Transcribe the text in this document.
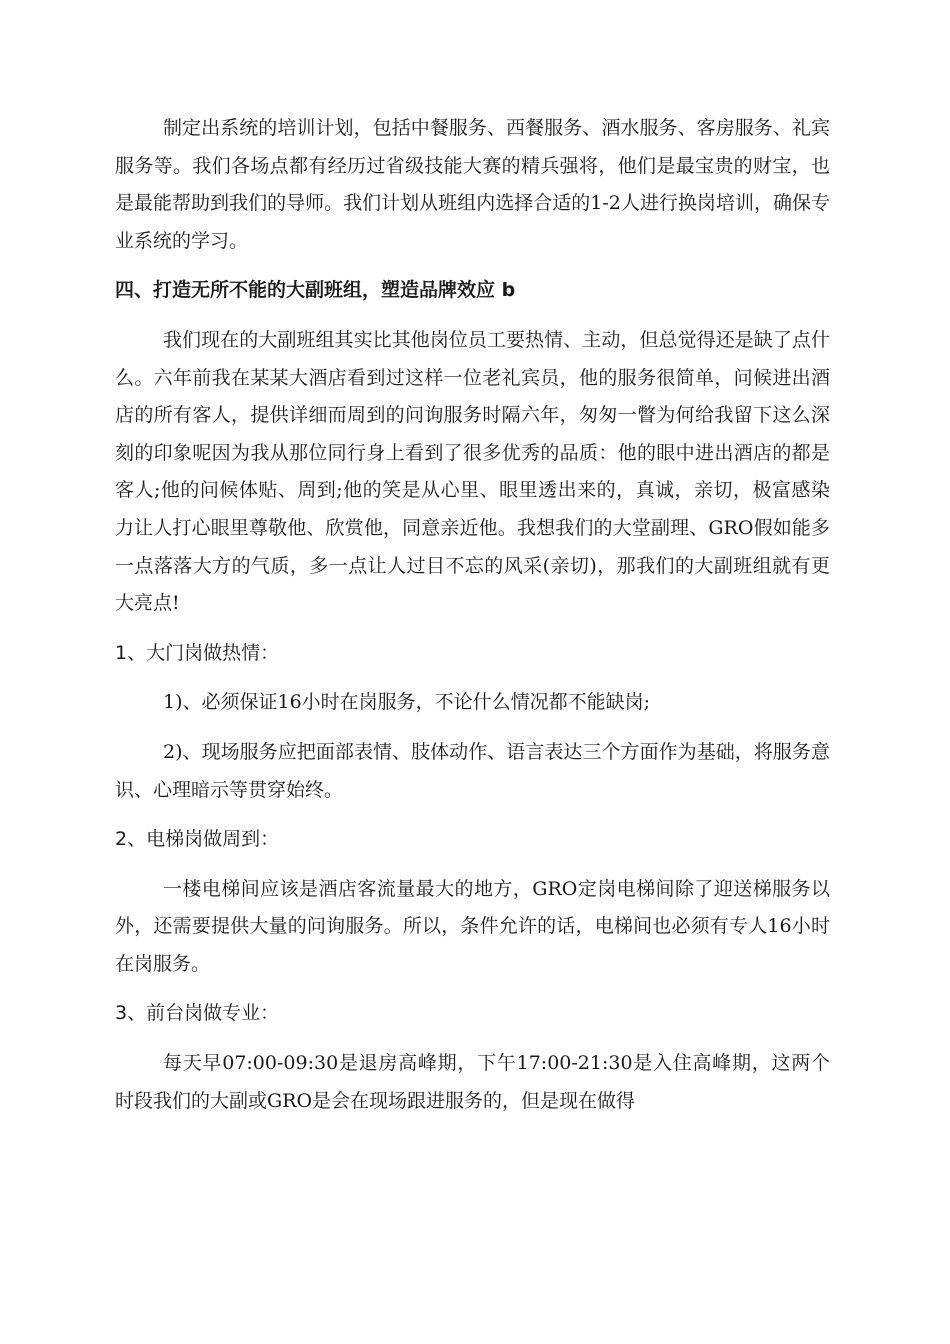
制定出系统的培训计划，包括中餐服务、西餐服务、酒水服务、客房服务、礼宾服务等。我们各场点都有经历过省级技能大赛的精兵强将，他们是最宝贵的财宝，也是最能帮助到我们的导师。我们计划从班组内选择合适的1-2人进行换岗培训，确保专业系统的学习。

四、打造无所不能的大副班组，塑造品牌效应 b

我们现在的大副班组其实比其他岗位员工要热情、主动，但总觉得还是缺了点什么。六年前我在某某大酒店看到过这样一位老礼宾员，他的服务很简单，问候进出酒店的所有客人，提供详细而周到的问询服务时隔六年，匆匆一瞥为何给我留下这么深刻的印象呢因为我从那位同行身上看到了很多优秀的品质：他的眼中进出酒店的都是客人;他的问候体贴、周到;他的笑是从心里、眼里透出来的，真诚，亲切，极富感染力让人打心眼里尊敬他、欣赏他，同意亲近他。我想我们的大堂副理、GRO假如能多一点落落大方的气质，多一点让人过目不忘的风采(亲切)，那我们的大副班组就有更大亮点!

1、大门岗做热情：

1)、必须保证16小时在岗服务，不论什么情况都不能缺岗;

2)、现场服务应把面部表情、肢体动作、语言表达三个方面作为基础，将服务意识、心理暗示等贯穿始终。

2、电梯岗做周到：

一楼电梯间应该是酒店客流量最大的地方，GRO定岗电梯间除了迎送梯服务以外，还需要提供大量的问询服务。所以，条件允许的话，电梯间也必须有专人16小时在岗服务。

3、前台岗做专业：

每天早07:00-09:30是退房高峰期，下午17:00-21:30是入住高峰期，这两个时段我们的大副或GRO是会在现场跟进服务的，但是现在做得
